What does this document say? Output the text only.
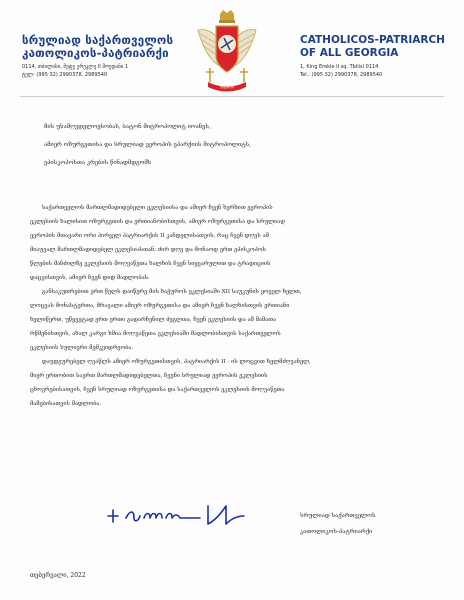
სრულიად საქართველოს
კათოლიკოს-პატრიარქი
0114, თბილისი, მეფე ერეკლე II მოედანი 1
ტელ: (995 32) 2990378, 2989540
ᲣᲤᲐᲚᲝ
CATHOLICOS-PATRIARCH
OF ALL GEORGIA
1, King Erekle II sq. Tbilisi 0114
Tel.: (995 32) 2990378, 2989540
მის უსამღვდელოესობას, ბატონ მიტროპოლიტ იოანეს,
ამიერ ოზურგეთისა და სრულიად ევროპის ეპარქიის მიტროპოლიტს,
ეპისკოპოსთა კრების წინადმდგომს
საქართველოს მართლმადიდებელი ეკლესიისა და ამიერ ჩვენ ხერხით ევროპის
ეკლესიის ხალისით ოზურგეთის და ერთიანობისთვის, ამიერ ოზურგეთისა და სრულიად
ევროპის მთავარი ორი პირველ პატრიარქის II კანდელისათვის, რაც ჩვენ დღეს ამ
მიაუვალ მართლმადიდებელ ეკლესიასთან; ძირ დღე და მონაოდ ერთ ეპისკოპოს
წლების მანძილზე ეკლესიის მოღვაწეთა ხალხის ჩვენ სიყვარულით და ტრადიციის
დაცვისთვის, ამიერ ჩვენ დიდ მადლობას.
განსაკუთრებით ერთ წელს დაიწერე მის ხაჭუროს ეკლესიაში XII საუკუნის ყოველ ხელთ,
ლოცვას მონასტერთა, მრავალი ამიერ ოზურგეთისა და ამიერ ჩვენ ხალხისთვის ერთიანი
ხელიწერთ, უწყვეტად ერთ ერთი გადარჩენილ ძეგლთა, ჩვენ ეკლესიის და ამ მამათა
რწმენისთვის, ახალ კარგი ხმია მოღვაწეთა ეკლესიაში მადლობისთვის საქართველოს
ეკლესიის სულიერი მემკვიდრეობა.
დაუდგურებელ ღვაწლს ამიერ ოზურგეთისთვის, პატრიარქის II - ის ლოცვით ხელმძღვანელ,
მიერ ერთობით საერთ მართლმადიდებელთა, ჩვენი სრულიად ევროპის ეკლესიის
ცხოვრებისათვის, ჩვენ სრულიად ოზურგეთისა და საქართველოს ეკლესიის მოღვაწეთა
მამებისათვის მადლობა.
სრულიად საქართველოს
კათოლიკოს-პატრიარქი
თებერვალი, 2022
